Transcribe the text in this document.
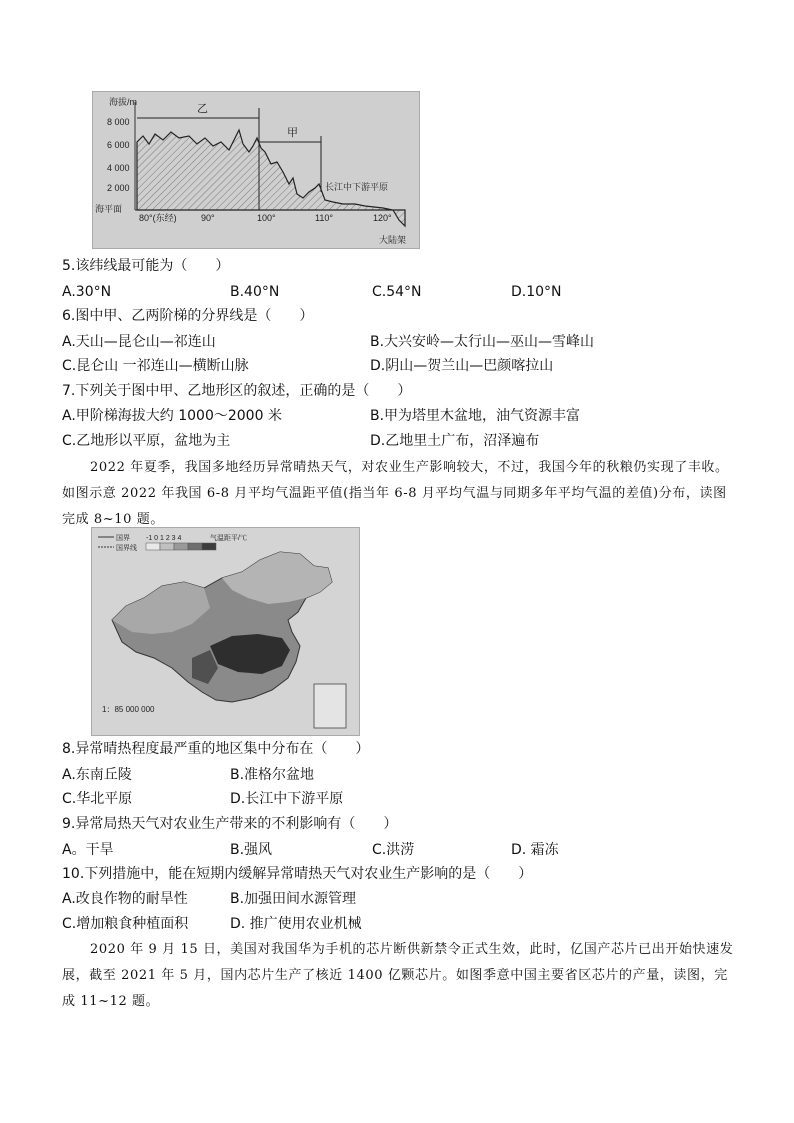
海拔/m
8 000
6 000
4 000
2 000
海平面
乙
甲
长江中下游平原
80°(东经)	90°	100°	110°	120°
大陆架
5.该纬线最可能为（　　）
A.30°N	B.40°N	C.54°N	D.10°N
6.图中甲、乙两阶梯的分界线是（　　）
A.天山—昆仑山—祁连山	B.大兴安岭—太行山—巫山—雪峰山
C.昆仑山 一祁连山—横断山脉	D.阴山—贺兰山—巴颜喀拉山
7.下列关于图中甲、乙地形区的叙述，正确的是（　　）
A.甲阶梯海拔大约 1000～2000 米	B.甲为塔里木盆地，油气资源丰富
C.乙地形以平原，盆地为主	D.乙地里土广布，沼泽遍布
2022 年夏季，我国多地经历异常晴热天气，对农业生产影响较大，不过，我国今年的秋粮仍实现了丰收。如图示意 2022 年我国 6-8 月平均气温距平值(指当年 6-8 月平均气温与同期多年平均气温的差值)分布，读图完成 8~10 题。
国界
国界线
-1 0 1 2 3 4	气温距平/℃
1：85 000 000
8.异常晴热程度最严重的地区集中分布在（　　）
A.东南丘陵	B.准格尔盆地
C.华北平原	D.长江中下游平原
9.异常局热天气对农业生产带来的不利影响有（　　）
A。干旱	B.强风	C.洪涝	D. 霜冻
10.下列措施中，能在短期内缓解异常晴热天气对农业生产影响的是（　　）
A.改良作物的耐旱性	B.加强田间水源管理
C.增加粮食种植面积	D. 推广使用农业机械
2020 年 9 月 15 日，美国对我国华为手机的芯片断供新禁令正式生效，此时，亿国产芯片已出开始快速发展，截至 2021 年 5 月，国内芯片生产了核近 1400 亿颗芯片。如图季意中国主要省区芯片的产量，读图，完成 11~12 题。
